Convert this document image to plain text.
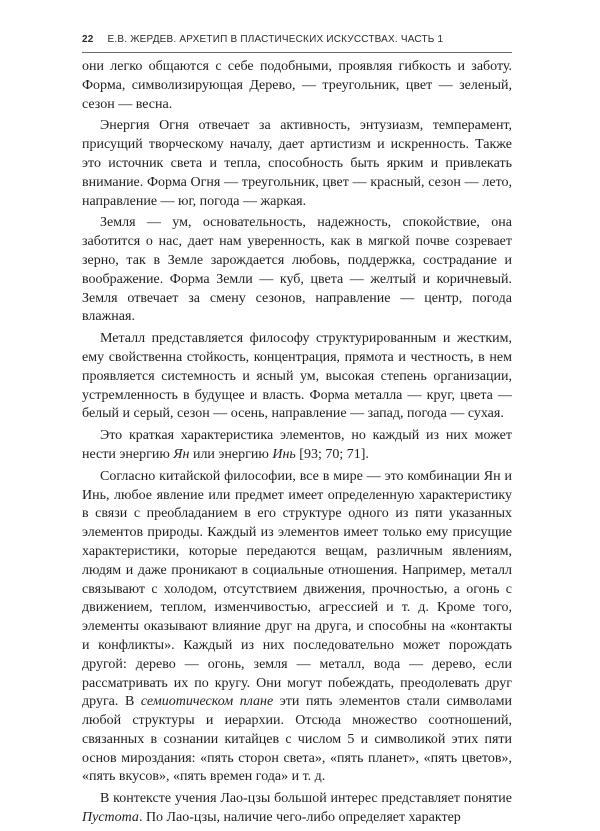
22 Е.В. ЖЕРДЕВ. АРХЕТИП В ПЛАСТИЧЕСКИХ ИСКУССТВАХ. ЧАСТЬ 1

они легко общаются с себе подобными, проявляя гибкость и заботу. Форма, символизирующая Дерево, — треугольник, цвет — зеленый, сезон — весна.

Энергия Огня отвечает за активность, энтузиазм, темперамент, присущий творческому началу, дает артистизм и искренность. Также это источник света и тепла, способность быть ярким и привлекать внимание. Форма Огня — треугольник, цвет — красный, сезон — лето, направление — юг, погода — жаркая.

Земля — ум, основательность, надежность, спокойствие, она заботится о нас, дает нам уверенность, как в мягкой почве созревает зерно, так в Земле зарождается любовь, поддержка, сострадание и воображение. Форма Земли — куб, цвета — желтый и коричневый. Земля отвечает за смену сезонов, направление — центр, погода влажная.

Металл представляется философу структурированным и жестким, ему свойственна стойкость, концентрация, прямота и честность, в нем проявляется системность и ясный ум, высокая степень организации, устремленность в будущее и власть. Форма металла — круг, цвета — белый и серый, сезон — осень, направление — запад, погода — сухая.

Это краткая характеристика элементов, но каждый из них может нести энергию Ян или энергию Инь [93; 70; 71].

Согласно китайской философии, все в мире — это комбинации Ян и Инь, любое явление или предмет имеет определенную характеристику в связи с преобладанием в его структуре одного из пяти указанных элементов природы. Каждый из элементов имеет только ему присущие характеристики, которые передаются вещам, различным явлениям, людям и даже проникают в социальные отношения. Например, металл связывают с холодом, отсутствием движения, прочностью, а огонь с движением, теплом, изменчивостью, агрессией и т. д. Кроме того, элементы оказывают влияние друг на друга, и способны на «контакты и конфликты». Каждый из них последовательно может порождать другой: дерево — огонь, земля — металл, вода — дерево, если рассматривать их по кругу. Они могут побеждать, преодолевать друг друга. В семиотическом плане эти пять элементов стали символами любой структуры и иерархии. Отсюда множество соотношений, связанных в сознании китайцев с числом 5 и символикой этих пяти основ мироздания: «пять сторон света», «пять планет», «пять цветов», «пять вкусов», «пять времен года» и т. д.

В контексте учения Лао-цзы большой интерес представляет понятие Пустота. По Лао-цзы, наличие чего-либо определяет характер
